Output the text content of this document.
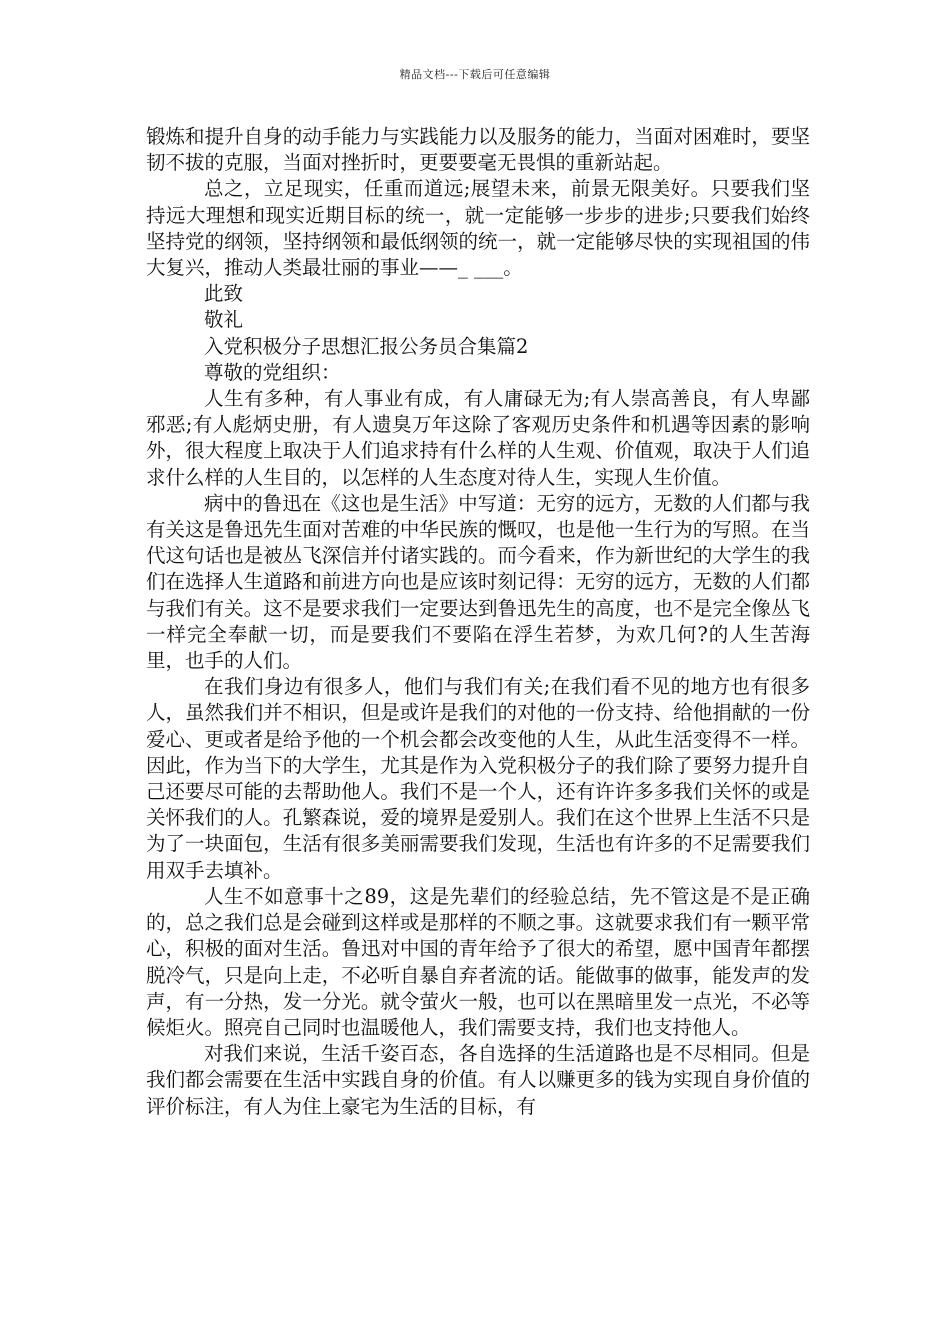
精品文档---下载后可任意编辑

锻炼和提升自身的动手能力与实践能力以及服务的能力，当面对困难时，要坚韧不拔的克服，当面对挫折时，更要要毫无畏惧的重新站起。

总之，立足现实，任重而道远;展望未来，前景无限美好。只要我们坚持远大理想和现实近期目标的统一，就一定能够一步步的进步;只要我们始终坚持党的纲领，坚持纲领和最低纲领的统一，就一定能够尽快的实现祖国的伟大复兴，推动人类最壮丽的事业——_ ___。

此致

敬礼

入党积极分子思想汇报公务员合集篇2

尊敬的党组织：

人生有多种，有人事业有成，有人庸碌无为;有人崇高善良，有人卑鄙邪恶;有人彪炳史册，有人遗臭万年这除了客观历史条件和机遇等因素的影响外，很大程度上取决于人们追求持有什么样的人生观、价值观，取决于人们追求什么样的人生目的，以怎样的人生态度对待人生，实现人生价值。

病中的鲁迅在《这也是生活》中写道：无穷的远方，无数的人们都与我有关这是鲁迅先生面对苦难的中华民族的慨叹，也是他一生行为的写照。在当代这句话也是被丛飞深信并付诸实践的。而今看来，作为新世纪的大学生的我们在选择人生道路和前进方向也是应该时刻记得：无穷的远方，无数的人们都与我们有关。这不是要求我们一定要达到鲁迅先生的高度，也不是完全像丛飞一样完全奉献一切，而是要我们不要陷在浮生若梦，为欢几何?的人生苦海里，也手的人们。

在我们身边有很多人，他们与我们有关;在我们看不见的地方也有很多人，虽然我们并不相识，但是或许是我们的对他的一份支持、给他捐献的一份爱心、更或者是给予他的一个机会都会改变他的人生，从此生活变得不一样。因此，作为当下的大学生，尤其是作为入党积极分子的我们除了要努力提升自己还要尽可能的去帮助他人。我们不是一个人，还有许许多多我们关怀的或是关怀我们的人。孔繁森说，爱的境界是爱别人。我们在这个世界上生活不只是为了一块面包，生活有很多美丽需要我们发现，生活也有许多的不足需要我们用双手去填补。

人生不如意事十之89，这是先辈们的经验总结，先不管这是不是正确的，总之我们总是会碰到这样或是那样的不顺之事。这就要求我们有一颗平常心，积极的面对生活。鲁迅对中国的青年给予了很大的希望，愿中国青年都摆脱冷气，只是向上走，不必听自暴自弃者流的话。能做事的做事，能发声的发声，有一分热，发一分光。就令萤火一般，也可以在黑暗里发一点光，不必等候炬火。照亮自己同时也温暖他人，我们需要支持，我们也支持他人。

对我们来说，生活千姿百态，各自选择的生活道路也是不尽相同。但是我们都会需要在生活中实践自身的价值。有人以赚更多的钱为实现自身价值的评价标注，有人为住上豪宅为生活的目标，有
